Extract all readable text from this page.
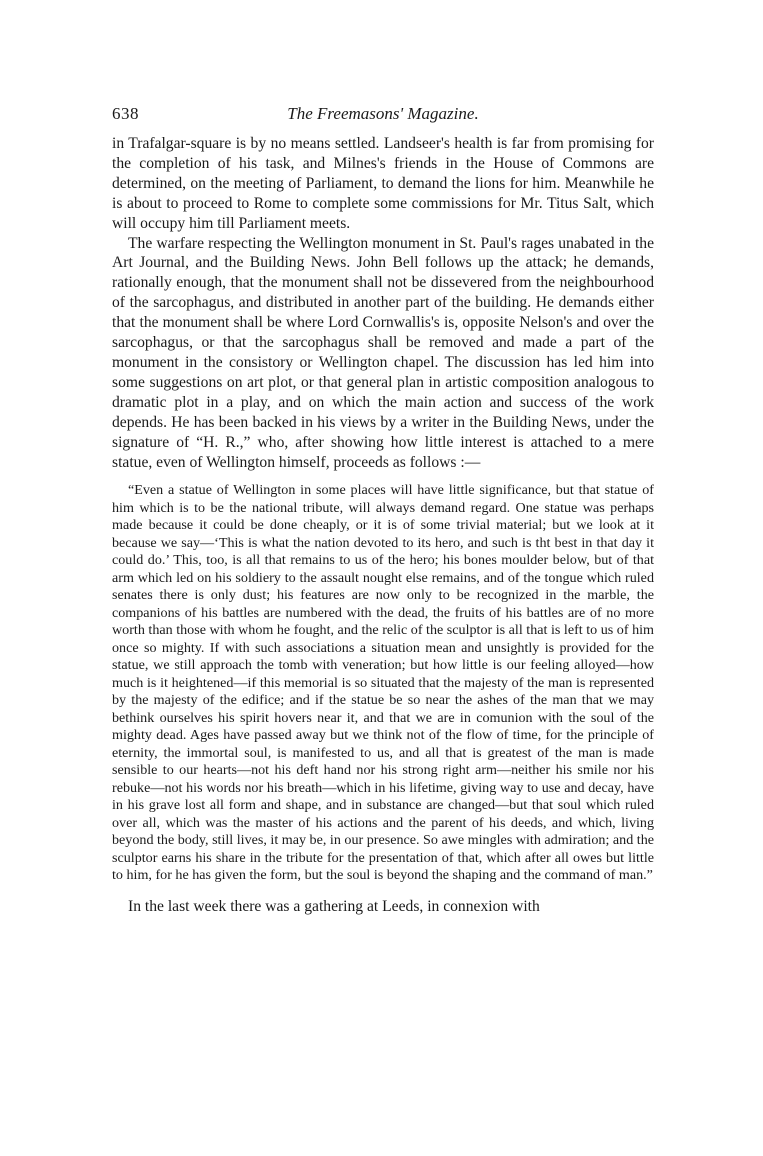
638	The Freemasons' Magazine.

in Trafalgar-square is by no means settled. Landseer's health is far from promising for the completion of his task, and Milnes's friends in the House of Commons are determined, on the meeting of Parliament, to demand the lions for him. Meanwhile he is about to proceed to Rome to complete some commissions for Mr. Titus Salt, which will occupy him till Parliament meets.

The warfare respecting the Wellington monument in St. Paul's rages unabated in the Art Journal, and the Building News. John Bell follows up the attack; he demands, rationally enough, that the monument shall not be dissevered from the neighbourhood of the sarcophagus, and distributed in another part of the building. He demands either that the monument shall be where Lord Cornwallis's is, opposite Nelson's and over the sarcophagus, or that the sarcophagus shall be removed and made a part of the monument in the consistory or Wellington chapel. The discussion has led him into some suggestions on art plot, or that general plan in artistic composition analogous to dramatic plot in a play, and on which the main action and success of the work depends. He has been backed in his views by a writer in the Building News, under the signature of “H. R.,” who, after showing how little interest is attached to a mere statue, even of Wellington himself, proceeds as follows :—

“Even a statue of Wellington in some places will have little significance, but that statue of him which is to be the national tribute, will always demand regard. One statue was perhaps made because it could be done cheaply, or it is of some trivial material; but we look at it because we say—‘This is what the nation devoted to its hero, and such is tht best in that day it could do.’ This, too, is all that remains to us of the hero; his bones moulder below, but of that arm which led on his soldiery to the assault nought else remains, and of the tongue which ruled senates there is only dust; his features are now only to be recognized in the marble, the companions of his battles are numbered with the dead, the fruits of his battles are of no more worth than those with whom he fought, and the relic of the sculptor is all that is left to us of him once so mighty. If with such associations a situation mean and unsightly is provided for the statue, we still approach the tomb with veneration; but how little is our feeling alloyed—how much is it heightened—if this memorial is so situated that the majesty of the man is represented by the majesty of the edifice; and if the statue be so near the ashes of the man that we may bethink ourselves his spirit hovers near it, and that we are in comunion with the soul of the mighty dead. Ages have passed away but we think not of the flow of time, for the principle of eternity, the immortal soul, is manifested to us, and all that is greatest of the man is made sensible to our hearts—not his deft hand nor his strong right arm—neither his smile nor his rebuke—not his words nor his breath—which in his lifetime, giving way to use and decay, have in his grave lost all form and shape, and in substance are changed—but that soul which ruled over all, which was the master of his actions and the parent of his deeds, and which, living beyond the body, still lives, it may be, in our presence. So awe mingles with admiration; and the sculptor earns his share in the tribute for the presentation of that, which after all owes but little to him, for he has given the form, but the soul is beyond the shaping and the command of man.”

In the last week there was a gathering at Leeds, in connexion with
